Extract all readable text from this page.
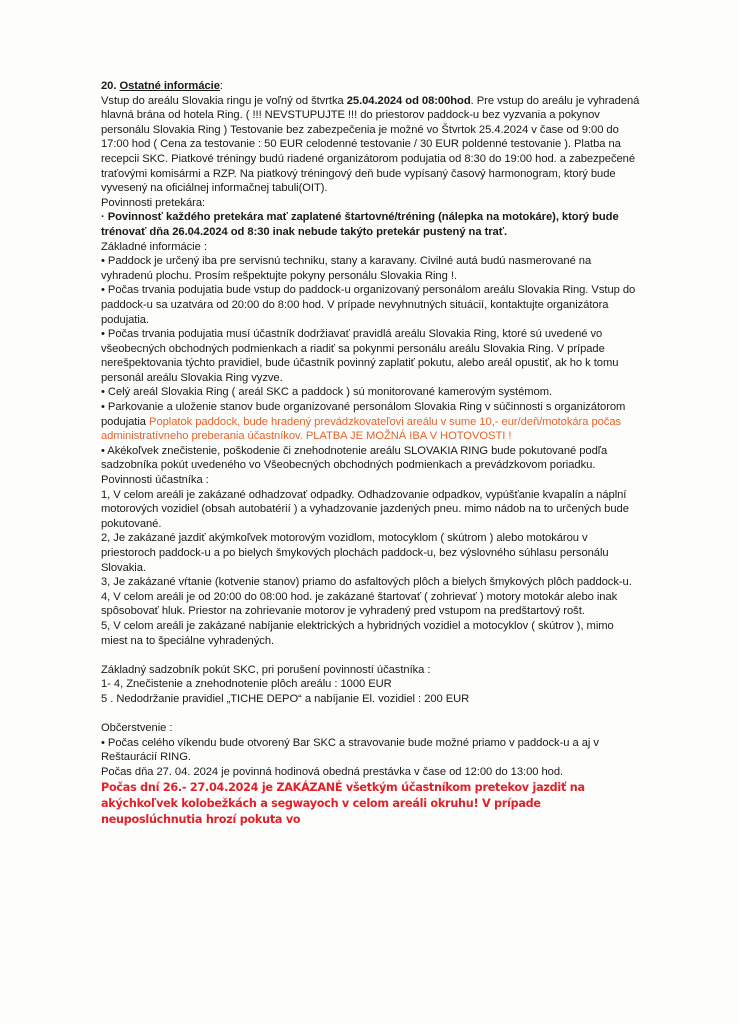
20. Ostatné informácie:

Vstup do areálu Slovakia ringu je voľný od štvrtka 25.04.2024 od 08:00hod. Pre vstup do areálu je vyhradená hlavná brána od hotela Ring. ( !!! NEVSTUPUJTE !!! do priestorov paddock-u bez vyzvania a pokynov personálu Slovakia Ring ) Testovanie bez zabezpečenia je možné vo Štvrtok 25.4.2024 v čase od 9:00 do 17:00 hod ( Cena za testovanie : 50 EUR celodenné testovanie / 30 EUR poldenné testovanie ). Platba na recepcii SKC. Piatkové tréningy budú riadené organizátorom podujatia od 8:30 do 19:00 hod. a zabezpečené traťovými komisármi a RZP. Na piatkový tréningový deň bude vypísaný časový harmonogram, ktorý bude vyvesený na oficiálnej informačnej tabuli(OIT).

Povinnosti pretekára:

· Povinnosť každého pretekára mať zaplatené štartovné/tréning (nálepka na motokáre), ktorý bude trénovať dňa 26.04.2024 od 8:30 inak nebude takýto pretekár pustený na trať.

Základné informácie :

• Paddock je určený iba pre servisnú techniku, stany a karavany. Civilné autá budú nasmerované na vyhradenú plochu. Prosím rešpektujte pokyny personálu Slovakia Ring !.

• Počas trvania podujatia bude vstup do paddock-u organizovaný personálom areálu Slovakia Ring. Vstup do paddock-u sa uzatvára od 20:00 do 8:00 hod. V prípade nevyhnutných situácií, kontaktujte organizátora podujatia.

• Počas trvania podujatia musí účastník dodržiavať pravidlá areálu Slovakia Ring, ktoré sú uvedené vo všeobecných obchodných podmienkach a riadiť sa pokynmi personálu areálu Slovakia Ring. V prípade nerešpektovania týchto pravidiel, bude účastník povinný zaplatiť pokutu, alebo areál opustiť, ak ho k tomu personál areálu Slovakia Ring vyzve.

• Celý areál Slovakia Ring ( areál SKC a paddock ) sú monitorované kamerovým systémom.

• Parkovanie a uloženie stanov bude organizované personálom Slovakia Ring v súčinnosti s organizátorom podujatia Poplatok paddock, bude hradený prevádzkovateľovi areálu v sume 10,- eur/deň/motokára počas administratívneho preberania účastníkov. PLATBA JE MOŽNÁ IBA V HOTOVOSTI !

• Akékoľvek znečistenie, poškodenie či znehodnotenie areálu SLOVAKIA RING bude pokutované podľa sadzobníka pokút uvedeného vo Všeobecných obchodných podmienkach a prevádzkovom poriadku.

Povinnosti účastníka :

1, V celom areáli je zakázané odhadzovať odpadky. Odhadzovanie odpadkov, vypúšťanie kvapalín a náplní motorových vozidiel (obsah autobatérií ) a vyhadzovanie jazdených pneu. mimo nádob na to určených bude pokutované.

2, Je zakázané jazdiť akýmkoľvek motorovým vozidlom, motocyklom ( skútrom ) alebo motokárou v priestoroch paddock-u a po bielych šmykových plochách paddock-u, bez výslovného súhlasu personálu Slovakia.

3, Je zakázané vŕtanie (kotvenie stanov) priamo do asfaltových plôch a bielych šmykových plôch paddock-u.

4, V celom areáli je od 20:00 do 08:00 hod. je zakázané štartovať ( zohrievať ) motory motokár alebo inak spôsobovať hluk. Priestor na zohrievanie motorov je vyhradený pred vstupom na predštartový rošt.

5, V celom areáli je zakázané nabíjanie elektrických a hybridných vozidiel a motocyklov ( skútrov ), mimo miest na to špeciálne vyhradených.

Základný sadzobník pokút SKC, pri porušení povinností účastníka :

1- 4, Znečistenie a znehodnotenie plôch areálu : 1000 EUR

5 . Nedodržanie pravidiel „TICHE DEPO“ a nabíjanie El. vozidiel : 200 EUR

Občerstvenie :

• Počas celého víkendu bude otvorený Bar SKC a stravovanie bude možné priamo v paddock-u a aj v Reštaurácií RING.

Počas dňa 27. 04. 2024 je povinná hodinová obedná prestávka v čase od 12:00 do 13:00 hod.

Počas dní 26.- 27.04.2024 je ZAKÁZANÉ všetkým účastníkom pretekov jazdiť na akýchkoľvek kolobežkách a segwayoch v celom areáli okruhu! V prípade neuposlúchnutia hrozí pokuta vo
